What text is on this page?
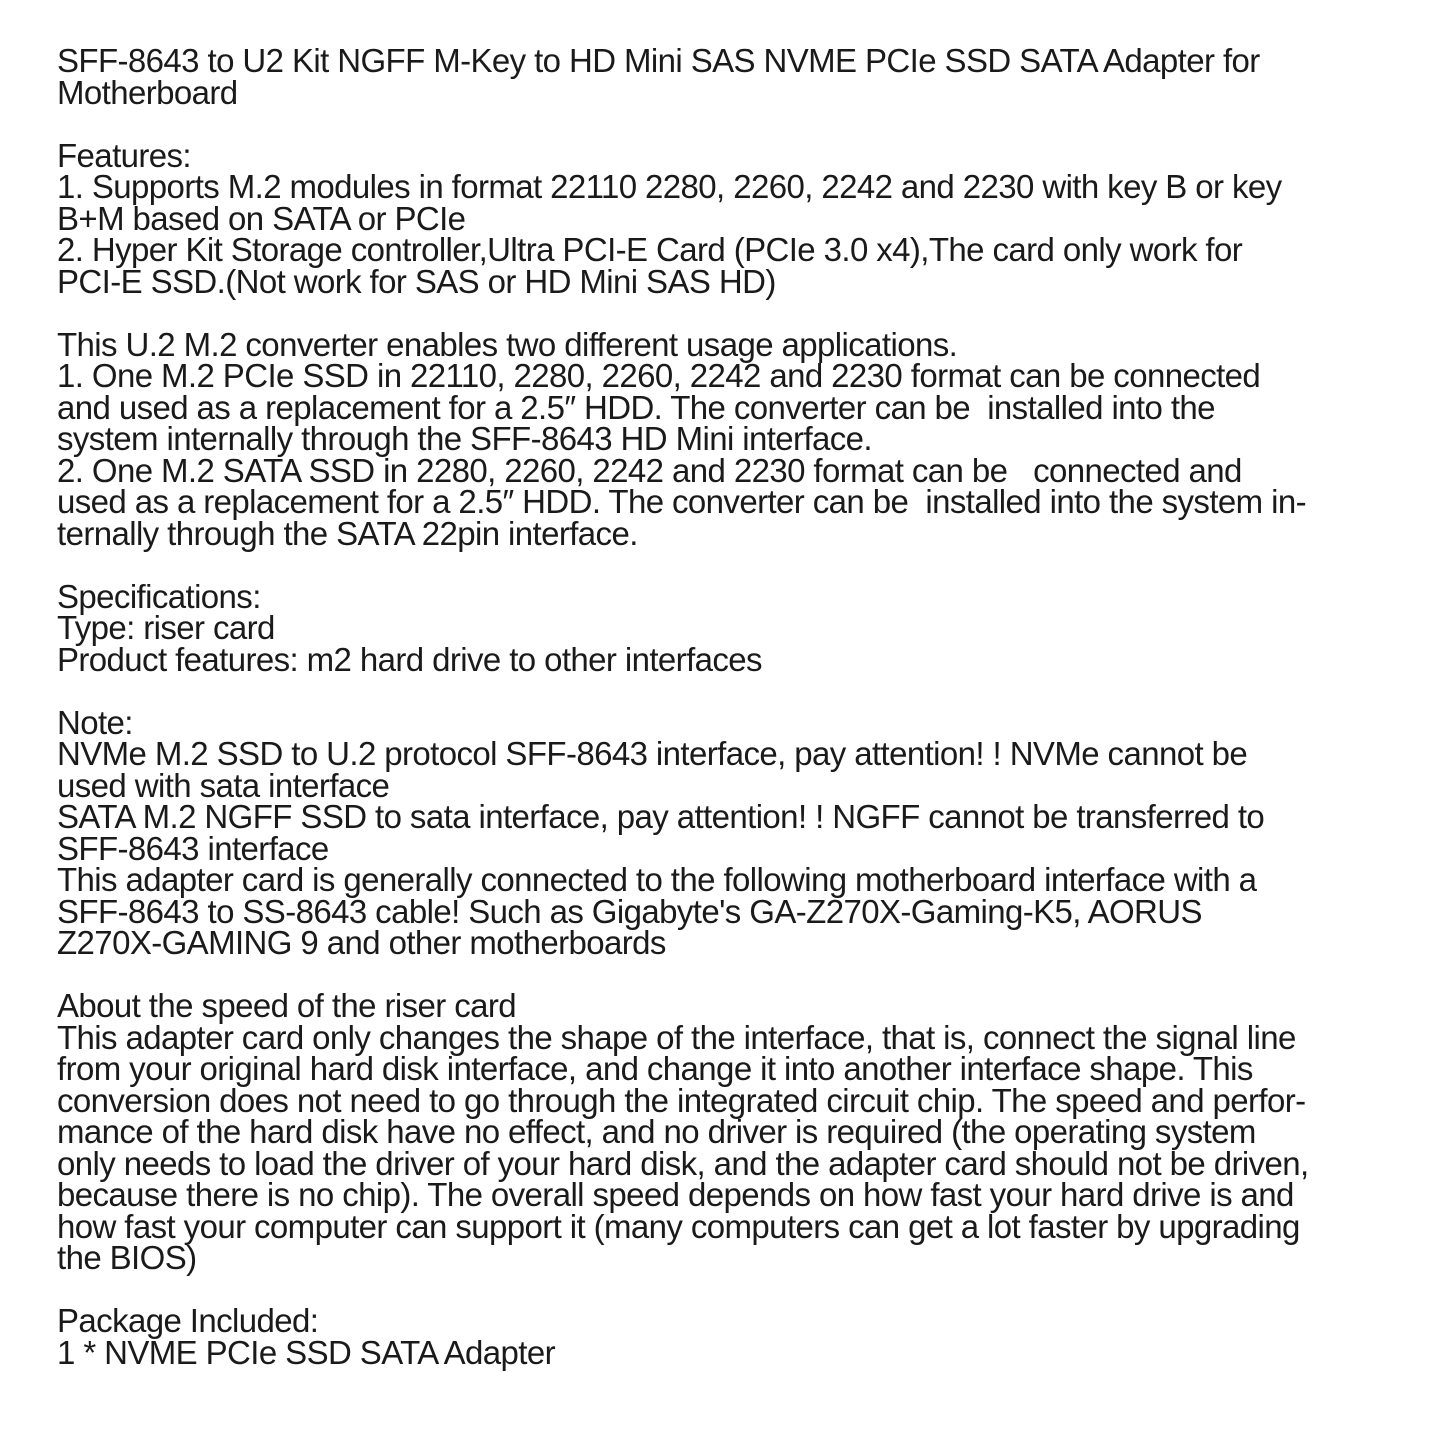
SFF-8643 to U2 Kit NGFF M-Key to HD Mini SAS NVME PCIe SSD SATA Adapter for
Motherboard
Features:
1. Supports M.2 modules in format 22110 2280, 2260, 2242 and 2230 with key B or key
B+M based on SATA or PCIe
2. Hyper Kit Storage controller,Ultra PCI-E Card (PCIe 3.0 x4),The card only work for
PCI-E SSD.(Not work for SAS or HD Mini SAS HD)
This U.2 M.2 converter enables two different usage applications.
1. One M.2 PCIe SSD in 22110, 2280, 2260, 2242 and 2230 format can be connected
and used as a replacement for a 2.5″ HDD. The converter can be  installed into the
system internally through the SFF-8643 HD Mini interface.
2. One M.2 SATA SSD in 2280, 2260, 2242 and 2230 format can be   connected and
used as a replacement for a 2.5″ HDD. The converter can be  installed into the system in-
ternally through the SATA 22pin interface.
Specifications:
Type: riser card
Product features: m2 hard drive to other interfaces
Note:
NVMe M.2 SSD to U.2 protocol SFF-8643 interface, pay attention! ! NVMe cannot be
used with sata interface
SATA M.2 NGFF SSD to sata interface, pay attention! ! NGFF cannot be transferred to
SFF-8643 interface
This adapter card is generally connected to the following motherboard interface with a
SFF-8643 to SS-8643 cable! Such as Gigabyte's GA-Z270X-Gaming-K5, AORUS
Z270X-GAMING 9 and other motherboards
About the speed of the riser card
This adapter card only changes the shape of the interface, that is, connect the signal line
from your original hard disk interface, and change it into another interface shape. This
conversion does not need to go through the integrated circuit chip. The speed and perfor-
mance of the hard disk have no effect, and no driver is required (the operating system
only needs to load the driver of your hard disk, and the adapter card should not be driven,
because there is no chip). The overall speed depends on how fast your hard drive is and
how fast your computer can support it (many computers can get a lot faster by upgrading
the BIOS)
Package Included:
1 * NVME PCIe SSD SATA Adapter
